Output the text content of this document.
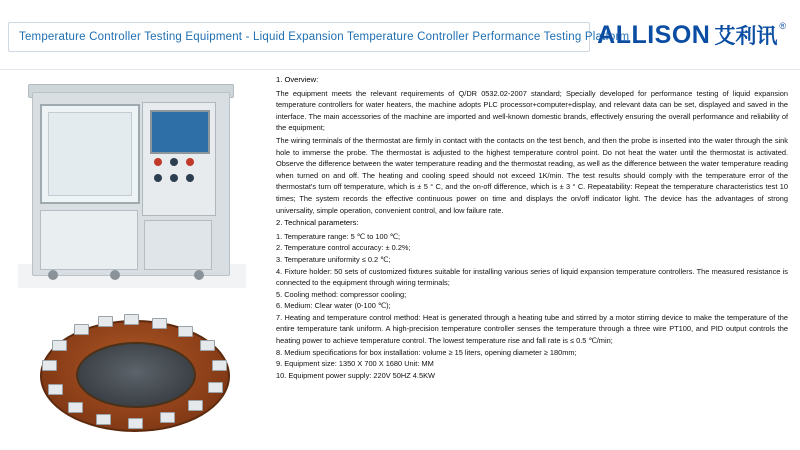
Temperature Controller Testing Equipment - Liquid Expansion Temperature Controller Performance Testing Platform
ALLISON 艾利讯 ®
1. Overview:

The equipment meets the relevant requirements of Q/DR 0532.02-2007 standard; Specially developed for performance testing of liquid expansion temperature controllers for water heaters, the machine adopts PLC processor+computer+display, and relevant data can be set, displayed and saved in the interface. The main accessories of the machine are imported and well-known domestic brands, effectively ensuring the overall performance and reliability of the equipment;

The wiring terminals of the thermostat are firmly in contact with the contacts on the test bench, and then the probe is inserted into the water through the sink hole to immerse the probe. The thermostat is adjusted to the highest temperature control point. Do not heat the water until the thermostat is activated. Observe the difference between the water temperature reading and the thermostat reading, as well as the difference between the water temperature reading when turned on and off. The heating and cooling speed should not exceed 1K/min. The test results should comply with the temperature error of the thermostat's turn off temperature, which is ± 5 ° C, and the on-off difference, which is ± 3 ° C. Repeatability: Repeat the temperature characteristics test 10 times; The system records the effective continuous power on time and displays the on/off indicator light. The device has the advantages of strong universality, simple operation, convenient control, and low failure rate.

2. Technical parameters:

1. Temperature range: 5 ℃ to 100 ℃;

2. Temperature control accuracy: ± 0.2%;

3. Temperature uniformity ≤ 0.2 ℃;

4. Fixture holder: 50 sets of customized fixtures suitable for installing various series of liquid expansion temperature controllers. The measured resistance is connected to the equipment through wiring terminals;

5. Cooling method: compressor cooling;

6. Medium: Clear water (0-100 ℃);

7. Heating and temperature control method: Heat is generated through a heating tube and stirred by a motor stirring device to make the temperature of the entire temperature tank uniform. A high-precision temperature controller senses the temperature through a three wire PT100, and PID output controls the heating power to achieve temperature control. The lowest temperature rise and fall rate is ≤ 0.5 ℃/min;

8. Medium specifications for box installation: volume ≥ 15 liters, opening diameter ≥ 180mm;

9. Equipment size: 1350 X 700 X 1680 Unit: MM

10. Equipment power supply: 220V 50HZ 4.5KW
